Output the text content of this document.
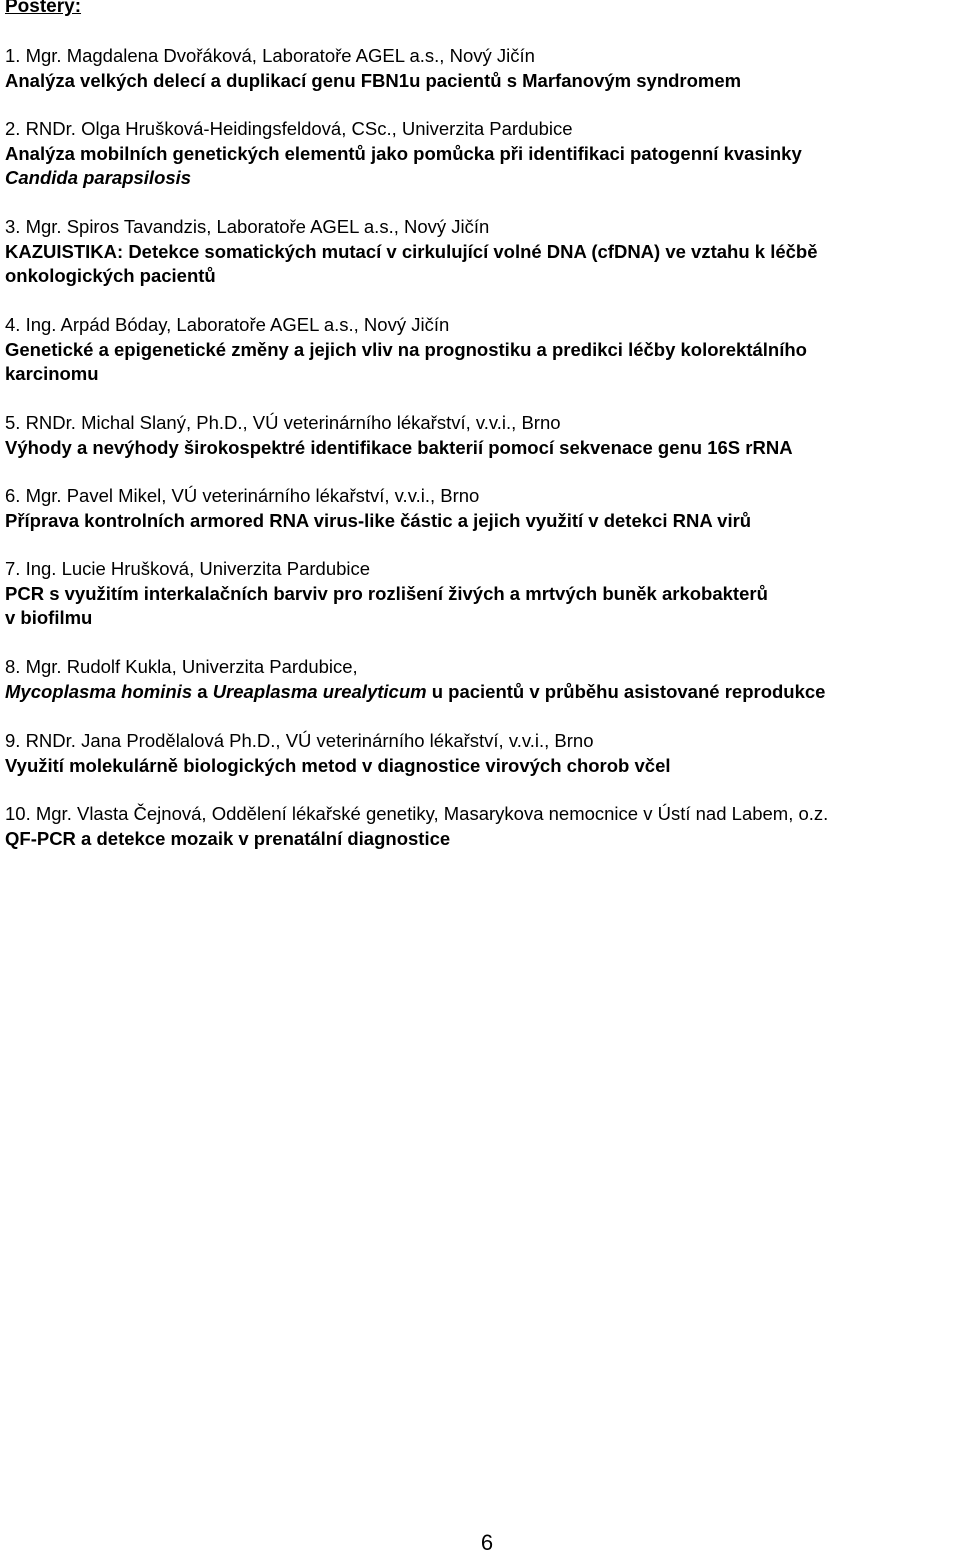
Postery:
1. Mgr. Magdalena Dvořáková, Laboratoře AGEL a.s., Nový Jičín
Analýza velkých delecí a duplikací genu FBN1u pacientů s Marfanovým syndromem
2. RNDr. Olga Hrušková-Heidingsfeldová, CSc., Univerzita Pardubice
Analýza mobilních genetických elementů jako pomůcka při identifikaci patogenní kvasinky
Candida parapsilosis
3. Mgr. Spiros Tavandzis, Laboratoře AGEL a.s., Nový Jičín
KAZUISTIKA: Detekce somatických mutací v cirkulující volné DNA (cfDNA) ve vztahu k léčbě
onkologických pacientů
4. Ing. Arpád Bóday, Laboratoře AGEL a.s., Nový Jičín
Genetické a epigenetické změny a jejich vliv na prognostiku a predikci léčby kolorektálního
karcinomu
5. RNDr. Michal Slaný, Ph.D., VÚ veterinárního lékařství, v.v.i., Brno
Výhody a nevýhody širokospektré identifikace bakterií pomocí sekvenace genu 16S rRNA
6. Mgr. Pavel Mikel, VÚ veterinárního lékařství, v.v.i., Brno
Příprava kontrolních armored RNA virus-like částic a jejich využití v detekci RNA virů
7. Ing. Lucie Hrušková, Univerzita Pardubice
PCR s využitím interkalačních barviv pro rozlišení živých a mrtvých buněk arkobakterů
v biofilmu
8. Mgr. Rudolf Kukla, Univerzita Pardubice,
Mycoplasma hominis a Ureaplasma urealyticum u pacientů v průběhu asistované reprodukce
9. RNDr. Jana Prodělalová Ph.D., VÚ veterinárního lékařství, v.v.i., Brno
Využití molekulárně biologických metod v diagnostice virových chorob včel
10. Mgr. Vlasta Čejnová, Oddělení lékařské genetiky, Masarykova nemocnice v Ústí nad Labem, o.z.
QF-PCR a detekce mozaik v prenatální diagnostice
6
